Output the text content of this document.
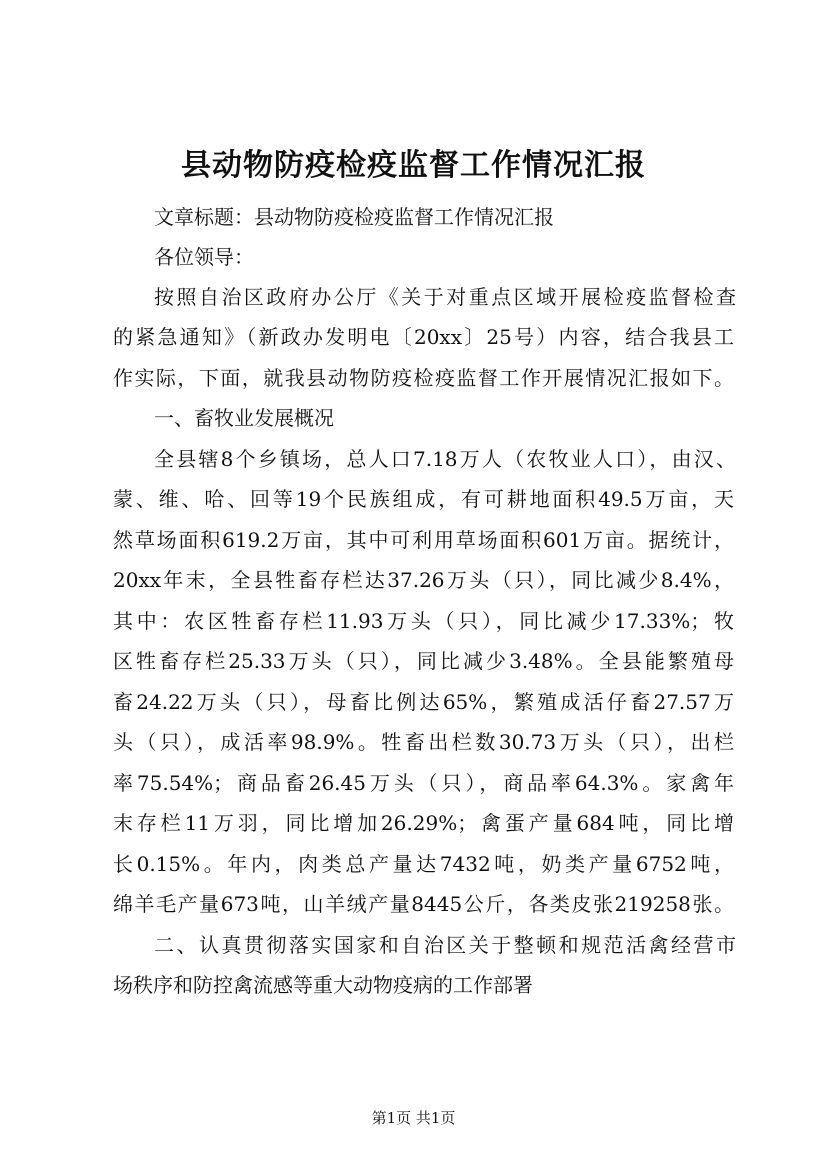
县动物防疫检疫监督工作情况汇报

文章标题：县动物防疫检疫监督工作情况汇报

各位领导：

按照自治区政府办公厅《关于对重点区域开展检疫监督检查

的紧急通知》（新政办发明电〔20xx〕25号）内容，结合我县工

作实际，下面，就我县动物防疫检疫监督工作开展情况汇报如下。

一、畜牧业发展概况

全县辖8个乡镇场，总人口7.18万人（农牧业人口），由汉、

蒙、维、哈、回等19个民族组成，有可耕地面积49.5万亩，天

然草场面积619.2万亩，其中可利用草场面积601万亩。据统计，

20xx年末，全县牲畜存栏达37.26万头（只），同比减少8.4%，

其中：农区牲畜存栏11.93万头（只），同比减少17.33%；牧

区牲畜存栏25.33万头（只），同比减少3.48%。全县能繁殖母

畜24.22万头（只），母畜比例达65%，繁殖成活仔畜27.57万

头（只），成活率98.9%。牲畜出栏数30.73万头（只），出栏

率75.54%；商品畜26.45万头（只），商品率64.3%。家禽年

末存栏11万羽，同比增加26.29%；禽蛋产量684吨，同比增

长0.15%。年内，肉类总产量达7432吨，奶类产量6752吨，

绵羊毛产量673吨，山羊绒产量8445公斤，各类皮张219258张。

二、认真贯彻落实国家和自治区关于整顿和规范活禽经营市

场秩序和防控禽流感等重大动物疫病的工作部署

第1页 共1页
